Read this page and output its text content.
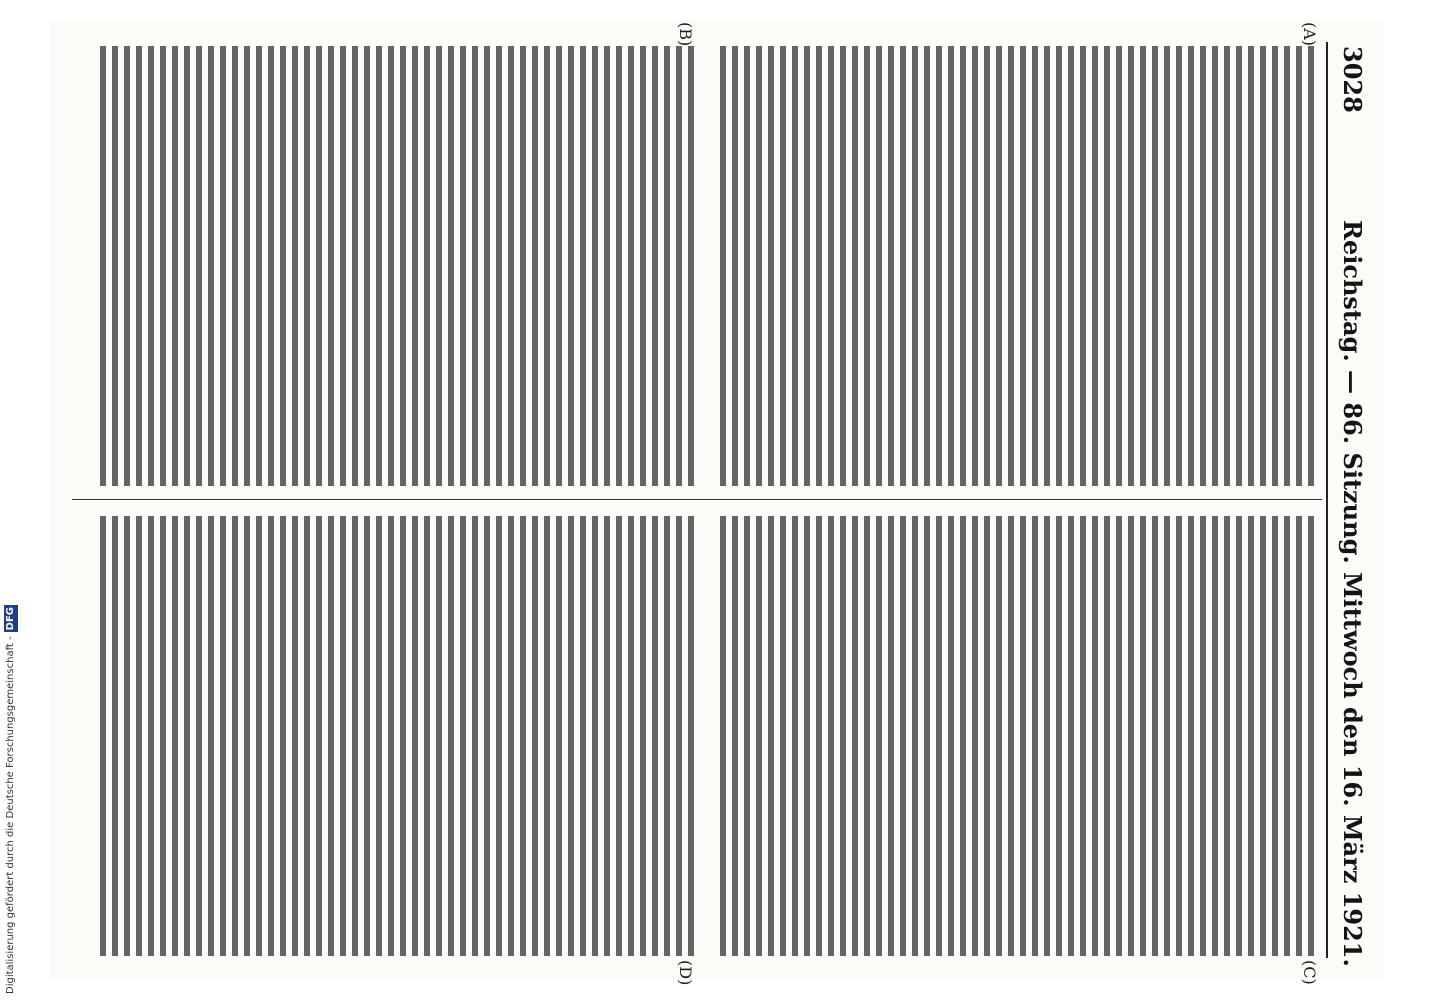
3028
Reichstag. — 86. Sitzung. Mittwoch den 16. März 1921.
(A)
(B)
(C)
(D)
Digitalisierung gefördert durch die Deutsche Forschungsgemeinschaft -DFG
